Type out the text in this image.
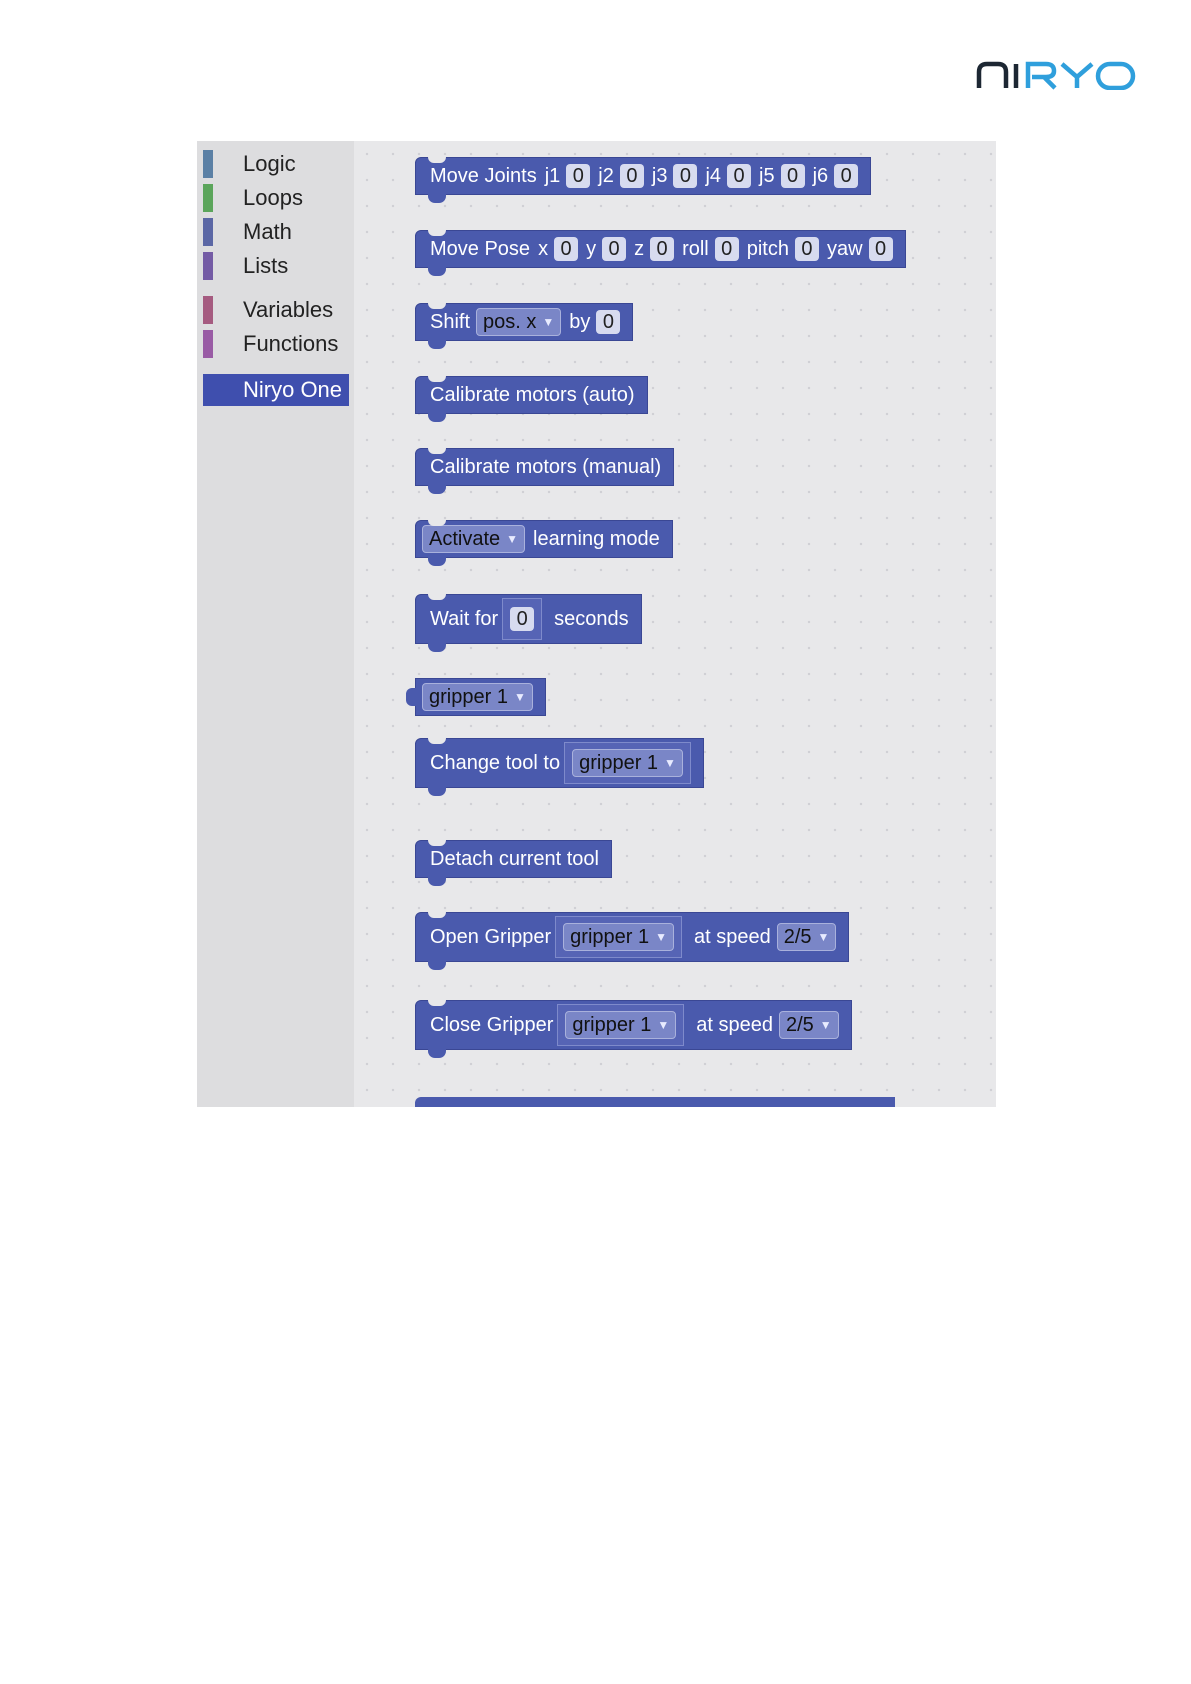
Logic
Loops
Math
Lists
Variables
Functions
Niryo One
Move Joints j1 0 j2 0 j3 0 j4 0 j5 0 j6 0
Move Pose x 0 y 0 z 0 roll 0 pitch 0 yaw 0
Shift pos. x ▼ by 0
Calibrate motors (auto)
Calibrate motors (manual)
Activate ▼ learning mode
Wait for 0	seconds
gripper 1 ▼
Change tool to gripper 1 ▼
Detach current tool
Open Gripper gripper 1 ▼ at speed 2/5 ▼
Close Gripper gripper 1 ▼ at speed 2/5 ▼
